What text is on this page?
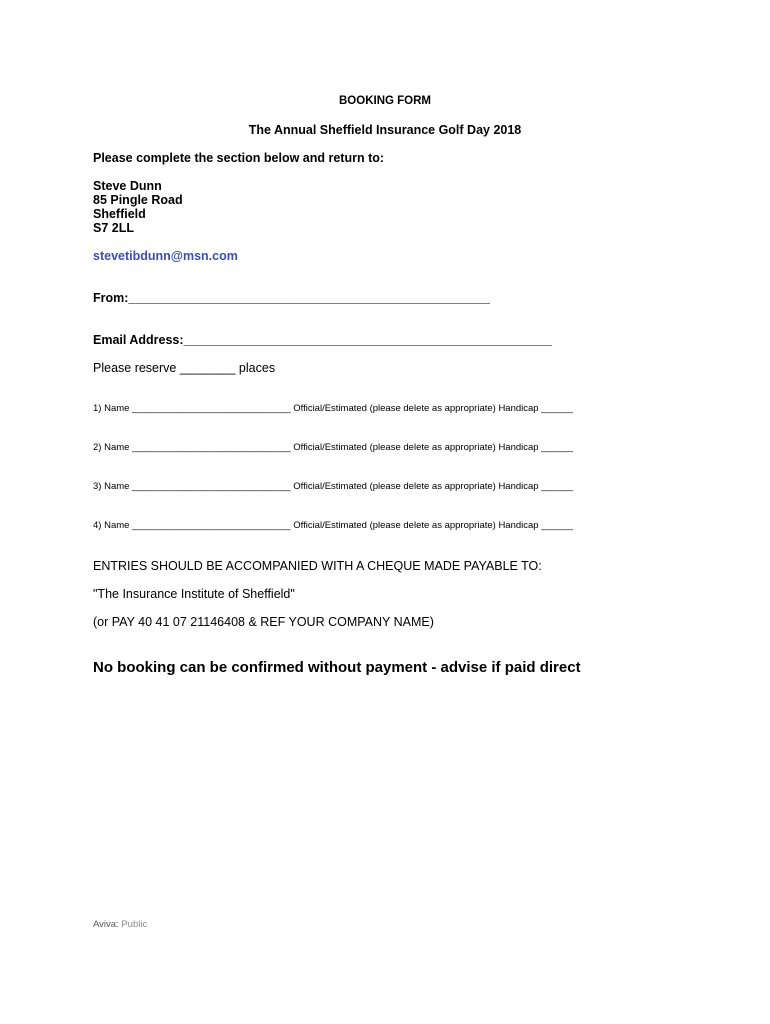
BOOKING FORM
The Annual Sheffield Insurance Golf Day 2018
Please complete the section below and return to:
Steve Dunn
85 Pingle Road
Sheffield
S7 2LL
stevetibdunn@msn.com
From:____________________________________________________
Email Address:_____________________________________________________
Please reserve ________ places
1) Name ______________________________ Official/Estimated (please delete as appropriate) Handicap ______
2) Name ______________________________ Official/Estimated (please delete as appropriate) Handicap ______
3) Name ______________________________ Official/Estimated (please delete as appropriate) Handicap ______
4) Name ______________________________ Official/Estimated (please delete as appropriate) Handicap ______
ENTRIES SHOULD BE ACCOMPANIED WITH A CHEQUE MADE PAYABLE TO:
"The Insurance Institute of Sheffield"
(or PAY 40 41 07 21146408 & REF YOUR COMPANY NAME)
No booking can be confirmed without payment - advise if paid direct
Aviva: Public
